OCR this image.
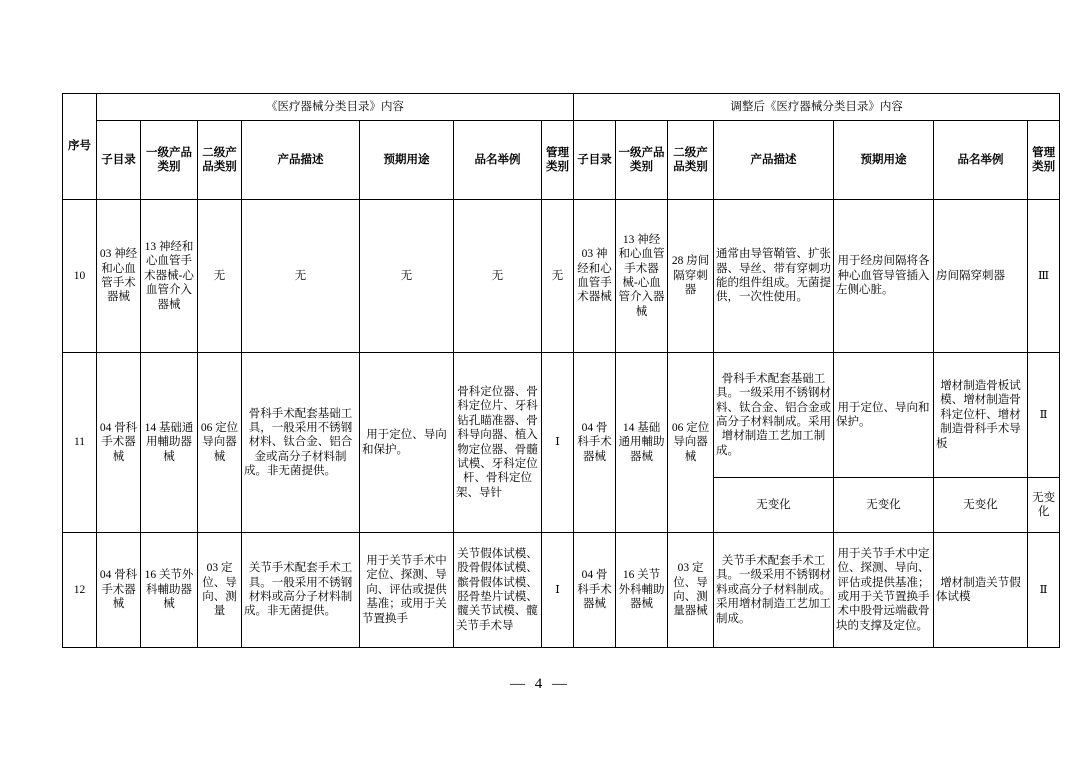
序号	《医疗器械分类目录》内容							调整后《医疗器械分类目录》内容						
	子目录	一级产品类别	二级产品类别	产品描述	预期用途	品名举例	管理类别	子目录	一级产品类别	二级产品类别	产品描述	预期用途	品名举例	管理类别
10	03 神经和心血管手术器械	13 神经和心血管手术器械-心血管介入器械	无	无	无	无	无	03 神经和心血管手术器械	13 神经和心血管手术器械-心血管介入器械	28 房间隔穿刺器	通常由导管鞘管、扩张器、导丝、带有穿刺功能的组件组成。无菌提供，一次性使用。	用于经房间隔将各种心血管导管插入左侧心脏。	房间隔穿刺器	Ⅲ
11	04 骨科手术器械	14 基础通用輔助器械	06 定位导向器械	骨科手术配套基础工具，一般采用不锈钢材料、钛合金、铝合金或高分子材料制成。非无菌提供。	用于定位、导向和保护。	骨科定位器、骨科定位片、牙科钻孔瞄准器、骨科导向器、植入物定位器、骨髓试模、牙科定位杆、骨科定位架、导针	Ⅰ	04 骨科手术器械	14 基础通用輔助器械	06 定位导向器械	骨科手术配套基础工具。一级采用不锈钢材料、钛合金、铝合金或高分子材料制成。采用增材制造工艺加工制成。	用于定位、导向和保护。	增材制造骨板试模、增材制造骨科定位杆、增材制造骨科手术导板	Ⅱ
											无变化	无变化	无变化	无变化
12	04 骨科手术器械	16 关节外科輔助器械	03 定位、导向、测量	关节手术配套手术工具。一般采用不锈钢材料或高分子材料制成。非无菌提供。	用于关节手术中定位、探测、导向、评估或提供基准；或用于关节置换手	关节假体试模、股骨假体试模、髌骨假体试模、胫骨垫片试模、髋关节试模、髋关节手术导	Ⅰ	04 骨科手术器械	16 关节外科輔助器械	03 定位、导向、测量器械	关节手术配套手术工具。一级采用不锈钢材料或高分子材料制成。采用增材制造工艺加工制成。	用于关节手术中定位、探测、导向、评估或提供基准；或用于关节置换手术中股骨远端截骨块的支撑及定位。	增材制造关节假体试模	Ⅱ
— 4 —
